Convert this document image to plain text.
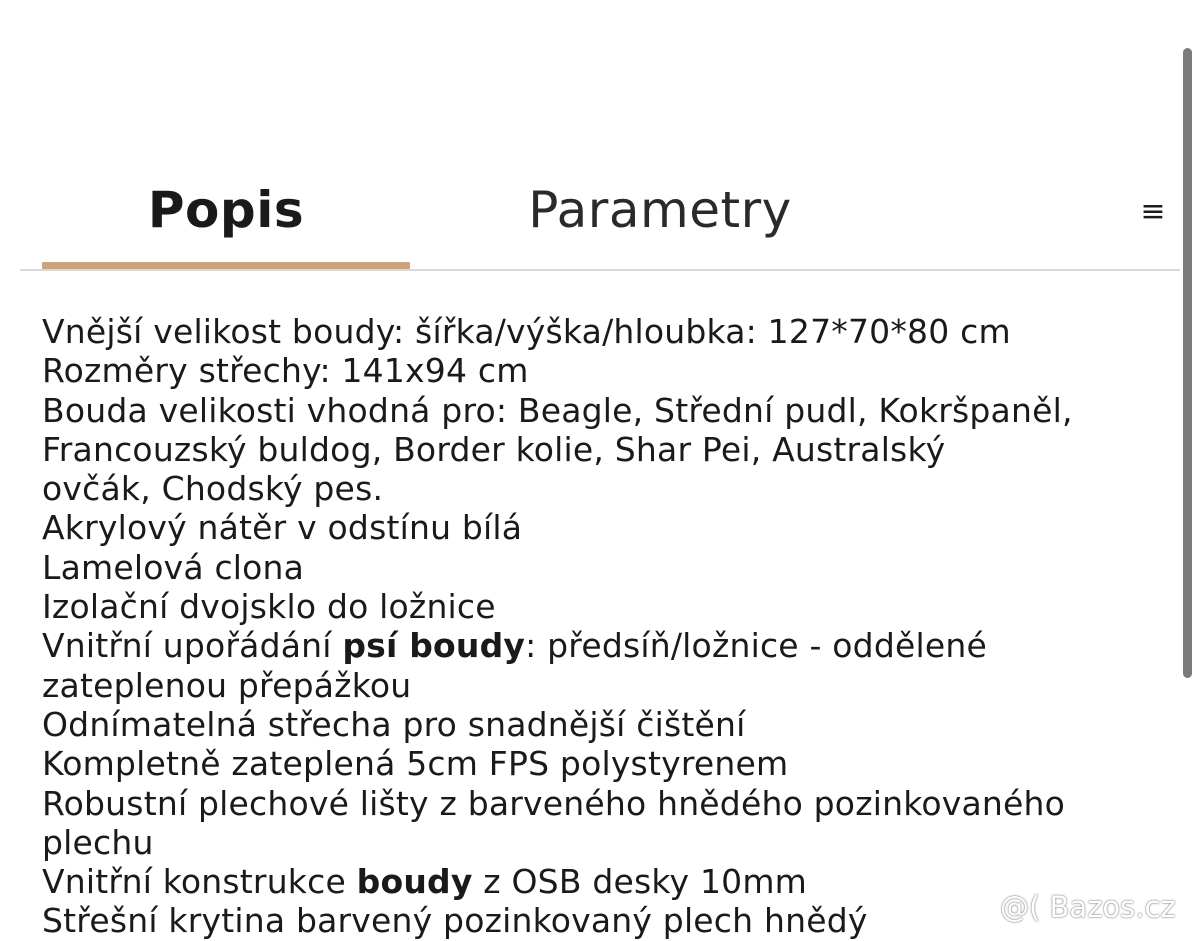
Popis	Parametry	≡
Vnější velikost boudy: šířka/výška/hloubka: 127*70*80 cm
Rozměry střechy: 141x94 cm
Bouda velikosti vhodná pro: Beagle, Střední pudl, Kokršpaněl,
Francouzský buldog, Border kolie, Shar Pei, Australský
ovčák, Chodský pes.
Akrylový nátěr v odstínu bílá
Lamelová clona
Izolační dvojsklo do ložnice
Vnitřní upořádání psí boudy: předsíň/ložnice - oddělené
zateplenou přepážkou
Odnímatelná střecha pro snadnější čištění
Kompletně zateplená 5cm FPS polystyrenem
Robustní plechové lišty z barveného hnědého pozinkovaného
plechu
Vnitřní konstrukce boudy z OSB desky 10mm
Střešní krytina barvený pozinkovaný plech hnědý	@( Bazos.cz
